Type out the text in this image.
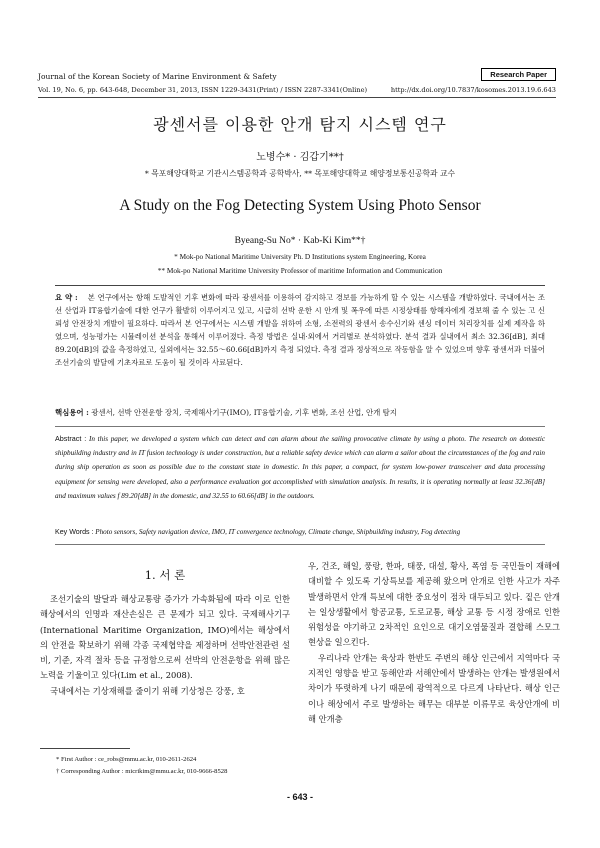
Journal of the Korean Society of Marine Environment & Safety	Research Paper
Vol. 19, No. 6, pp. 643-648, December 31, 2013, ISSN 1229-3431(Print) / ISSN 2287-3341(Online)	http://dx.doi.org/10.7837/kosomes.2013.19.6.643
광센서를 이용한 안개 탐지 시스템 연구
노병수* · 김갑기**†
* 목포해양대학교 기관시스템공학과 공학박사, ** 목포해양대학교 해양정보통신공학과 교수
A Study on the Fog Detecting System Using Photo Sensor
Byeang-Su No* · Kab-Ki Kim**†
* Mok-po National Maritime University Ph. D Institutions system Engineering, Korea
** Mok-po National Maritime University Professor of maritime Information and Communication
요 약 : 본 연구에서는 항해 도발적인 기후 변화에 따라 광센서를 이용하여 감지하고 경보를 가능하게 할 수 있는 시스템을 개발하였다. 국내에서는 조선 산업과 IT융합기술에 대한 연구가 활발히 이루어지고 있고, 시급히 선박 운한 시 안개 및 폭우에 따른 시정상태를 항해자에게 경보해 줄 수 있는 고 신뢰성 안전장치 개발이 필요하다. 따라서 본 연구에서는 시스템 개발을 위하여 소형, 소전력의 광센서 송수신기와 센싱 데이터 처리장치를 실제 제작을 하였으며, 성능평가는 시뮬레이션 분석을 통해서 이루어졌다. 측정 방법은 실내·외에서 거리별로 분석하였다. 분석 결과 실내에서 최소 32.36[dB], 최대 89.20[dB]의 값을 측정하였고, 실외에서는 32.55～60.66[dB]까지 측정 되었다. 측정 결과 정상적으로 작동함을 알 수 있었으며 향후 광센서과 더불어 조선기술의 발달에 기초자료로 도움이 될 것이라 사료된다.
핵심용어 : 광센서, 선박 안전운항 장치, 국제해사기구(IMO), IT융합기술, 기후 변화, 조선 산업, 안개 탐지
Abstract : In this paper, we developed a system which can detect and can alarm about the sailing provocative climate by using a photo. The research on domestic shipbuilding industry and in IT fusion technology is under construction, but a reliable safety device which can alarm a sailor about the circumstances of the fog and rain during ship operation as soon as possible due to the constant state in domestic. In this paper, a compact, for system low-power transceiver and data processing equipment for sensing were developed, also a performance evaluation got accomplished with simulation analysis. In results, it is operating normally at least 32.36[dB] and maximum values f 89.20[dB] in the domestic, and 32.55 to 60.66[dB] in the outdoors.
Key Words : Photo sensors, Safety navigation device, IMO, IT convergence technology, Climate change, Shipbuilding industry, Fog detecting
1. 서 론

조선기술의 발달과 해상교통량 증가가 가속화됨에 따라 이로 인한 해상에서의 인명과 재산손실은 큰 문제가 되고 있다. 국제해사기구(International Maritime Organization, IMO)에서는 해상에서의 안전을 확보하기 위해 각종 국제협약을 제정하며 선박안전관련 설비, 기준, 자격 절차 등을 규정함으로써 선박의 안전운항을 위해 많은 노력을 기울이고 있다(Lim et al., 2008).

국내에서는 기상재해를 줄이기 위해 기상청은 강풍, 호

우, 건조, 해일, 풍랑, 한파, 태풍, 대설, 황사, 폭염 등 국민들이 재해에 대비할 수 있도록 기상특보를 제공해 왔으며 안개로 인한 사고가 자주 발생하면서 안개 특보에 대한 중요성이 점차 대두되고 있다. 짙은 안개는 일상생활에서 항공교통, 도로교통, 해상 교통 등 시정 장애로 인한 위험성을 야기하고 2차적인 요인으로 대기오염물질과 결합해 스모그현상을 일으킨다.

우리나라 안개는 육상과 한반도 주변의 해상 인근에서 지역마다 국지적인 영향을 받고 동해안과 서해안에서 발생하는 안개는 발생원에서 차이가 뚜렷하게 나기 때문에 광역적으로 다르게 나타난다. 해상 인근이나 해상에서 주로 발생하는 해무는 대부분 이류무로 육상안개에 비해 안개층

* First Author : ce_robs@mmu.ac.kr, 010-2611-2624
† Corresponding Author : micrikim@mmu.ac.kr, 010-9666-8528
- 643 -
